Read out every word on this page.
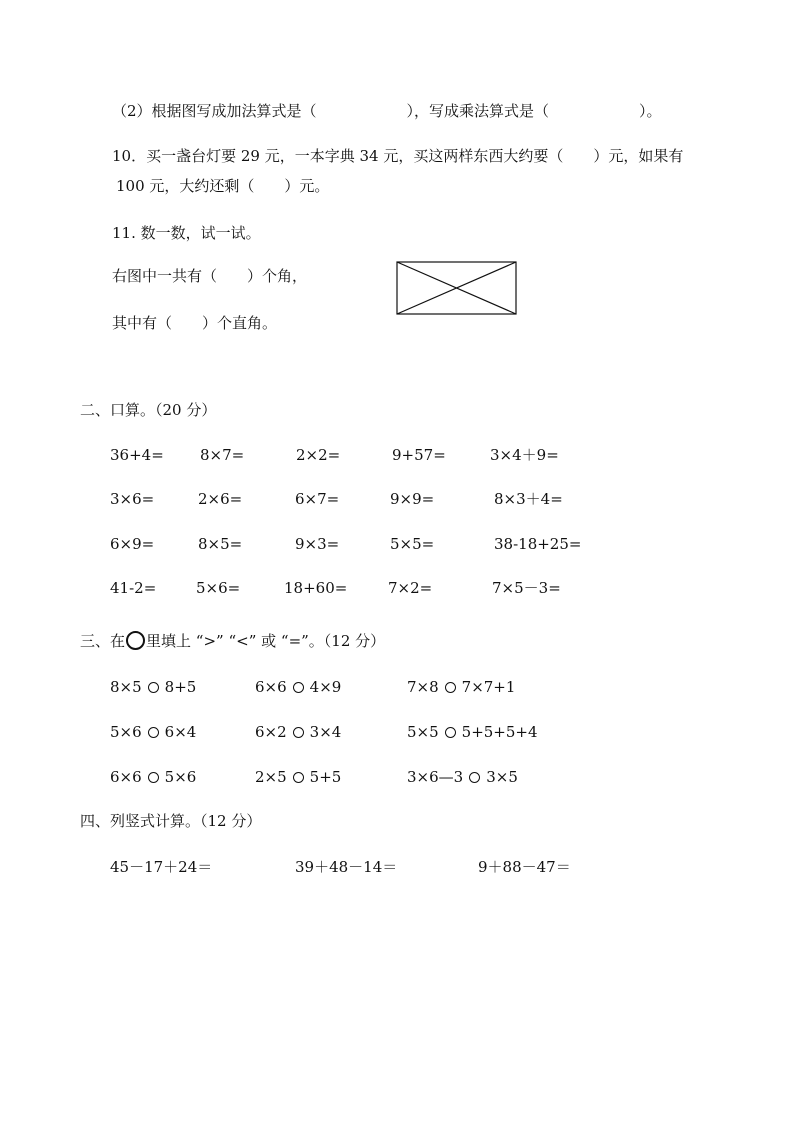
（2）根据图写成加法算式是（　　　　　　），写成乘法算式是（　　　　　　）。
10．买一盏台灯要 29 元，一本字典 34 元，买这两样东西大约要（　　）元，如果有
100 元，大约还剩（　　）元。
11. 数一数，试一试。
右图中一共有（　　）个角，
其中有（　　）个直角。
二、口算。（20 分）
36+4= 8×7=	2×2=	9+57=	3×4＋9=
3×6=	2×6=	6×7=	9×9=	8×3＋4=
6×9=	8×5=	9×3=	5×5=	38-18+25=
41-2=	5×6=	18+60=	7×2=	7×5－3=
三、在 里填上 “>” “<” 或 “=”。（12 分）
8×5 8+5	6×6 4×9	7×8 7×7+1
5×6 6×4	6×2 3×4	5×5 5+5+5+4
6×6 5×6	2×5 5+5	3×6—3 3×5
四、列竖式计算。（12 分）
45－17＋24＝	39＋48－14＝	9＋88－47＝
